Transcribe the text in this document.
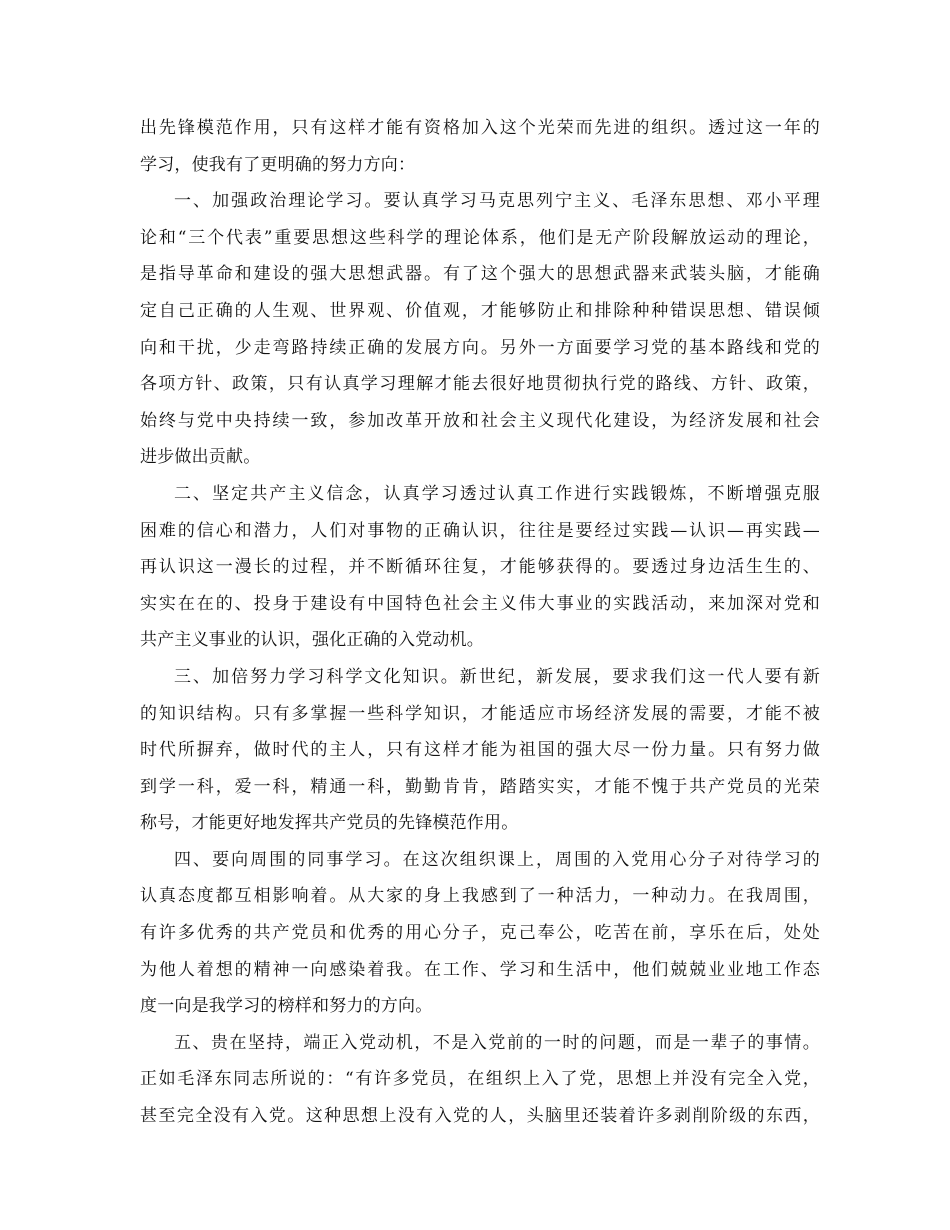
出先锋模范作用，只有这样才能有资格加入这个光荣而先进的组织。透过这一年的
学习，使我有了更明确的努力方向：
一、加强政治理论学习。要认真学习马克思列宁主义、毛泽东思想、邓小平理
论和“三个代表”重要思想这些科学的理论体系，他们是无产阶段解放运动的理论，
是指导革命和建设的强大思想武器。有了这个强大的思想武器来武装头脑，才能确
定自己正确的人生观、世界观、价值观，才能够防止和排除种种错误思想、错误倾
向和干扰，少走弯路持续正确的发展方向。另外一方面要学习党的基本路线和党的
各项方针、政策，只有认真学习理解才能去很好地贯彻执行党的路线、方针、政策，
始终与党中央持续一致，参加改革开放和社会主义现代化建设，为经济发展和社会
进步做出贡献。
二、坚定共产主义信念，认真学习透过认真工作进行实践锻炼，不断增强克服
困难的信心和潜力，人们对事物的正确认识，往往是要经过实践—认识—再实践—
再认识这一漫长的过程，并不断循环往复，才能够获得的。要透过身边活生生的、
实实在在的、投身于建设有中国特色社会主义伟大事业的实践活动，来加深对党和
共产主义事业的认识，强化正确的入党动机。
三、加倍努力学习科学文化知识。新世纪，新发展，要求我们这一代人要有新
的知识结构。只有多掌握一些科学知识，才能适应市场经济发展的需要，才能不被
时代所摒弃，做时代的主人，只有这样才能为祖国的强大尽一份力量。只有努力做
到学一科，爱一科，精通一科，勤勤肯肯，踏踏实实，才能不愧于共产党员的光荣
称号，才能更好地发挥共产党员的先锋模范作用。
四、要向周围的同事学习。在这次组织课上，周围的入党用心分子对待学习的
认真态度都互相影响着。从大家的身上我感到了一种活力，一种动力。在我周围，
有许多优秀的共产党员和优秀的用心分子，克己奉公，吃苦在前，享乐在后，处处
为他人着想的精神一向感染着我。在工作、学习和生活中，他们兢兢业业地工作态
度一向是我学习的榜样和努力的方向。
五、贵在坚持，端正入党动机，不是入党前的一时的问题，而是一辈子的事情。
正如毛泽东同志所说的：“有许多党员，在组织上入了党，思想上并没有完全入党，
甚至完全没有入党。这种思想上没有入党的人，头脑里还装着许多剥削阶级的东西，
